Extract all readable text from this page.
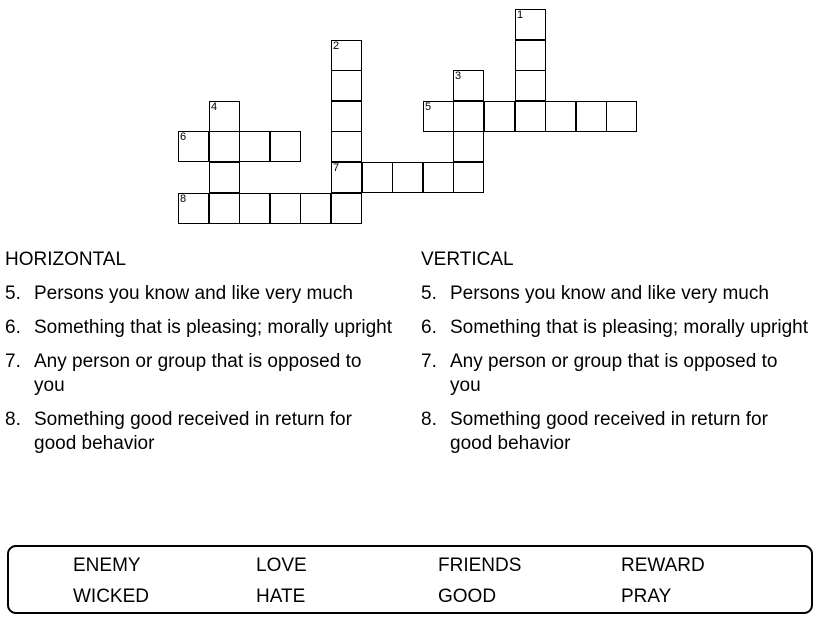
1
2
3
4	5
6
7
8
HORIZONTAL
5. Persons you know and like very much
6. Something that is pleasing; morally upright
7. Any person or group that is opposed to you
8. Something good received in return for good behavior
VERTICAL
5. Persons you know and like very much
6. Something that is pleasing; morally upright
7. Any person or group that is opposed to you
8. Something good received in return for good behavior
ENEMY	LOVE	FRIENDS	REWARD
WICKED	HATE	GOOD	PRAY
